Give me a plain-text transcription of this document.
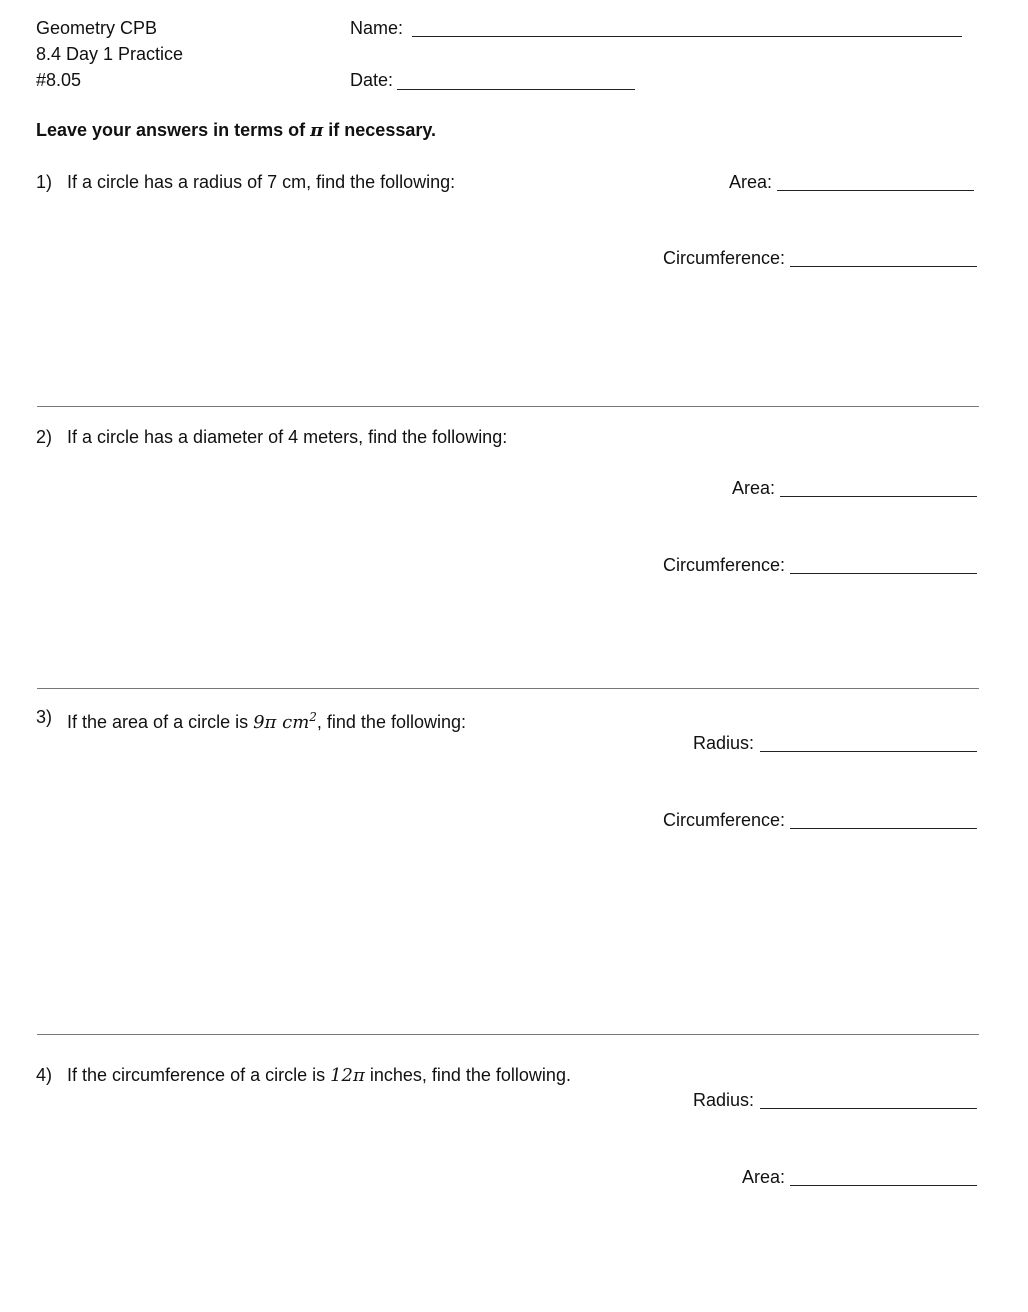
Geometry CPB
8.4 Day 1 Practice
#8.05
Name:
Date:
Leave your answers in terms of π if necessary.
1) If a circle has a radius of 7 cm, find the following:	Area:
Circumference:
2) If a circle has a diameter of 4 meters, find the following:
Area:
Circumference:
3) If the area of a circle is 9π $cm^2$, find the following:
Radius:
Circumference:
4) If the circumference of a circle is 12π inches, find the following.
Radius:
Area:
